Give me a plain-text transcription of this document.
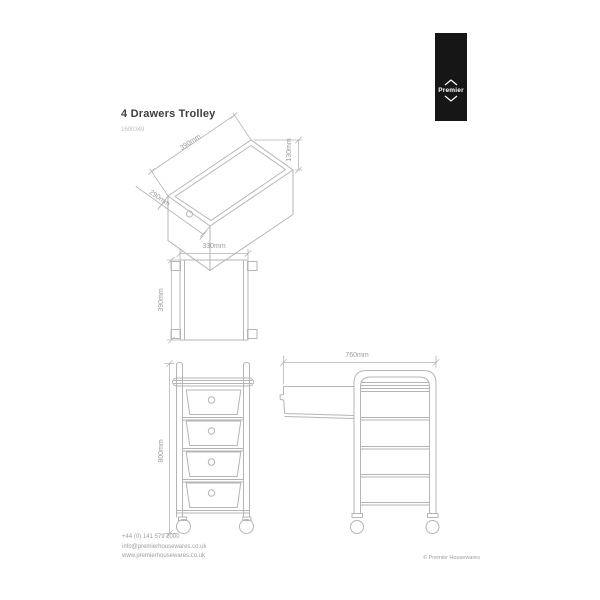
4 Drawers Trolley
1600349
Premier
390mm
290mm
130mm
330mm
390mm
800mm
760mm
+44 (0) 141 579 2000
info@premierhousewares.co.uk
www.premierhousewares.co.uk	© Premier Housewares
